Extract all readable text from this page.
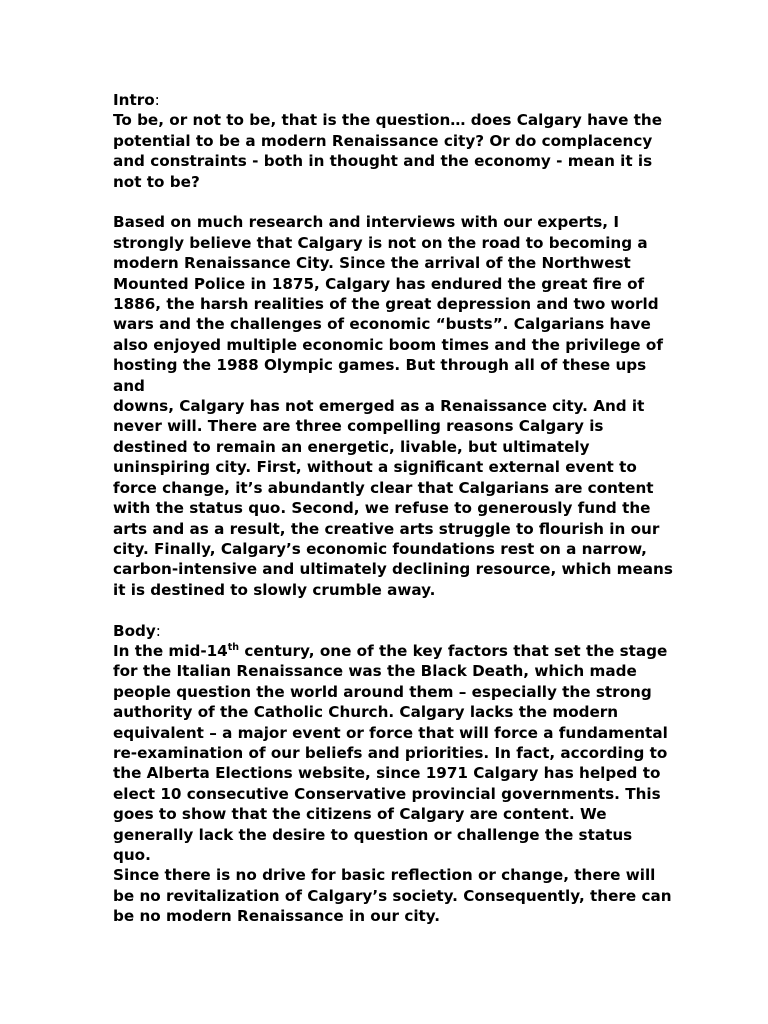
Intro:

To be, or not to be, that is the question… does Calgary have the
potential to be a modern Renaissance city? Or do complacency
and constraints - both in thought and the economy - mean it is
not to be?

Based on much research and interviews with our experts, I
strongly believe that Calgary is not on the road to becoming a
modern Renaissance City. Since the arrival of the Northwest
Mounted Police in 1875, Calgary has endured the great fire of
1886, the harsh realities of the great depression and two world
wars and the challenges of economic “busts”. Calgarians have
also enjoyed multiple economic boom times and the privilege of
hosting the 1988 Olympic games. But through all of these ups and
downs, Calgary has not emerged as a Renaissance city. And it
never will. There are three compelling reasons Calgary is
destined to remain an energetic, livable, but ultimately
uninspiring city. First, without a significant external event to
force change, it’s abundantly clear that Calgarians are content
with the status quo. Second, we refuse to generously fund the
arts and as a result, the creative arts struggle to flourish in our
city. Finally, Calgary’s economic foundations rest on a narrow,
carbon-intensive and ultimately declining resource, which means
it is destined to slowly crumble away.

Body:

In the mid-14th century, one of the key factors that set the stage
for the Italian Renaissance was the Black Death, which made
people question the world around them – especially the strong
authority of the Catholic Church. Calgary lacks the modern
equivalent – a major event or force that will force a fundamental
re-examination of our beliefs and priorities. In fact, according to
the Alberta Elections website, since 1971 Calgary has helped to
elect 10 consecutive Conservative provincial governments. This
goes to show that the citizens of Calgary are content. We
generally lack the desire to question or challenge the status quo.
Since there is no drive for basic reflection or change, there will
be no revitalization of Calgary’s society. Consequently, there can
be no modern Renaissance in our city.
